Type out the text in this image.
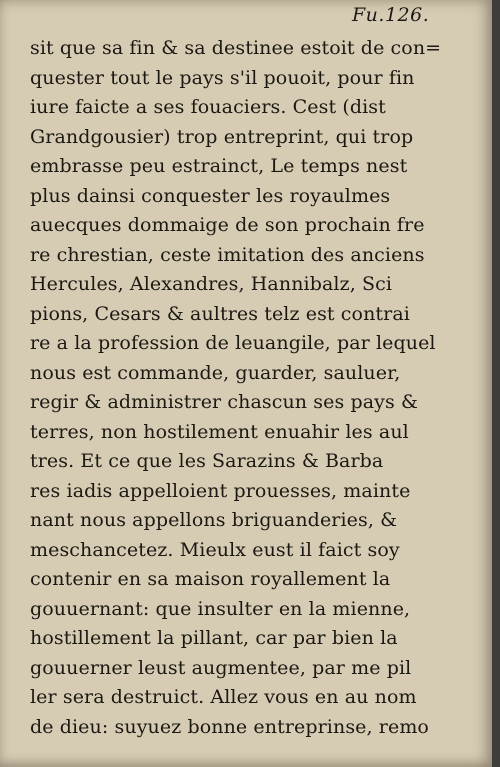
Fu.126.
sit que sa fin & sa destinee estoit de con=
quester tout le pays s'il pouoit, pour fin
iure faicte a ses fouaciers. Cest (dist
Grandgousier) trop entreprint, qui trop
embrasse peu estrainct, Le temps nest
plus dainsi conquester les royaulmes
auecques dommaige de son prochain fre
re chrestian, ceste imitation des anciens
Hercules, Alexandres, Hannibalz, Sci
pions, Cesars & aultres telz est contrai
re a la profession de leuangile, par lequel
nous est commande, guarder, sauluer,
regir & administrer chascun ses pays &
terres, non hostilement enuahir les aul
tres. Et ce que les Sarazins & Barba
res iadis appelloient prouesses, mainte
nant nous appellons briguanderies, &
meschancetez. Mieulx eust il faict soy
contenir en sa maison royallement la
gouuernant: que insulter en la mienne,
hostillement la pillant, car par bien la
gouuerner leust augmentee, par me pil
ler sera destruict. Allez vous en au nom
de dieu: suyuez bonne entreprinse, remo
